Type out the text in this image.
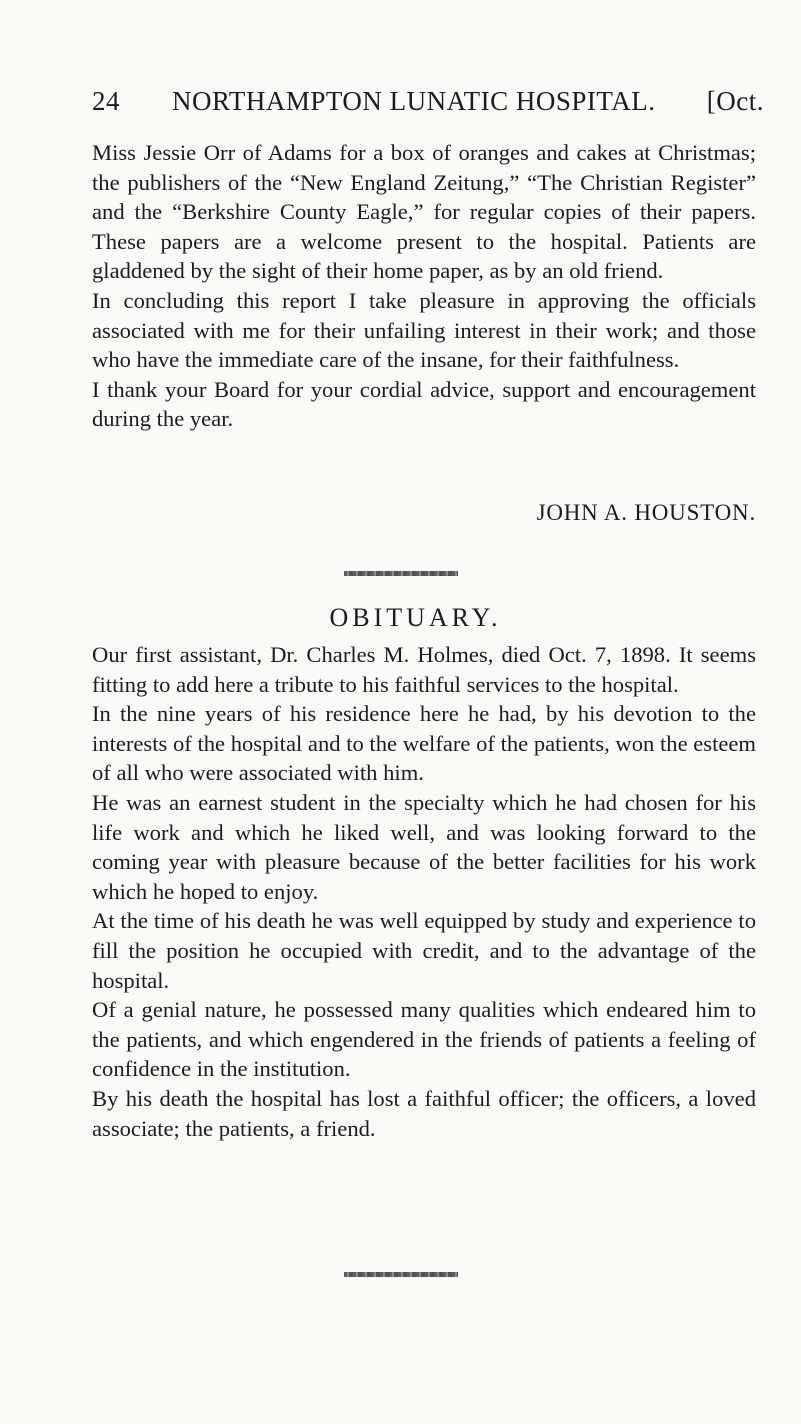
24 NORTHAMPTON LUNATIC HOSPITAL. [Oct.

Miss Jessie Orr of Adams for a box of oranges and cakes at Christmas; the publishers of the “New England Zeitung,” “The Christian Register” and the “Berkshire County Eagle,” for regular copies of their papers. These papers are a welcome present to the hospital. Patients are gladdened by the sight of their home paper, as by an old friend.

In concluding this report I take pleasure in approving the officials associated with me for their unfailing interest in their work; and those who have the immediate care of the insane, for their faithfulness.

I thank your Board for your cordial advice, support and encouragement during the year.

JOHN A. HOUSTON.
OBITUARY.

Our first assistant, Dr. Charles M. Holmes, died Oct. 7, 1898. It seems fitting to add here a tribute to his faithful services to the hospital.

In the nine years of his residence here he had, by his devotion to the interests of the hospital and to the welfare of the patients, won the esteem of all who were associated with him.

He was an earnest student in the specialty which he had chosen for his life work and which he liked well, and was looking forward to the coming year with pleasure because of the better facilities for his work which he hoped to enjoy.

At the time of his death he was well equipped by study and experience to fill the position he occupied with credit, and to the advantage of the hospital.

Of a genial nature, he possessed many qualities which endeared him to the patients, and which engendered in the friends of patients a feeling of confidence in the institution.

By his death the hospital has lost a faithful officer; the officers, a loved associate; the patients, a friend.
